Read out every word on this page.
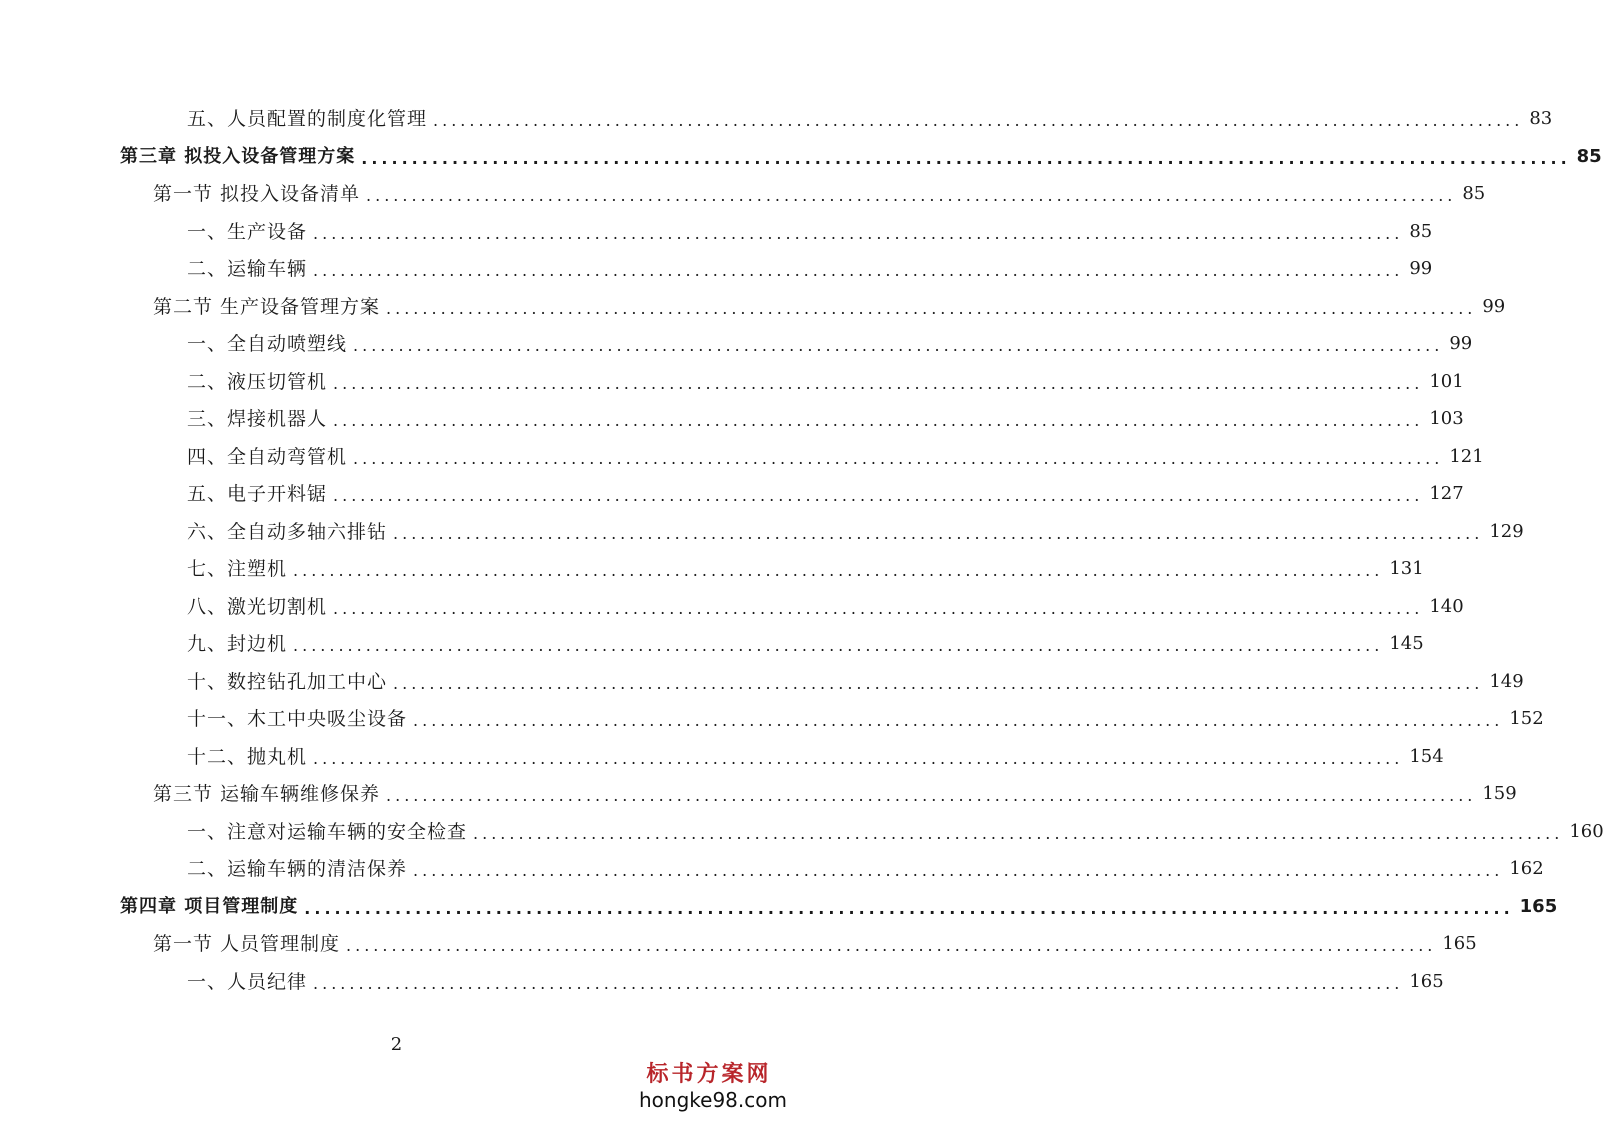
五、人员配置的制度化管理 ........................................................................................................................ 83
第三章 拟投入设备管理方案 ........................................................................................................................ 85
第一节 拟投入设备清单 ........................................................................................................................ 85
一、生产设备 ........................................................................................................................ 85
二、运输车辆 ........................................................................................................................ 99
第二节 生产设备管理方案 ........................................................................................................................ 99
一、全自动喷塑线 ........................................................................................................................ 99
二、液压切管机 ........................................................................................................................ 101
三、焊接机器人 ........................................................................................................................ 103
四、全自动弯管机 ........................................................................................................................ 121
五、电子开料锯 ........................................................................................................................ 127
六、全自动多轴六排钻 ........................................................................................................................ 129
七、注塑机 ........................................................................................................................ 131
八、激光切割机 ........................................................................................................................ 140
九、封边机 ........................................................................................................................ 145
十、数控钻孔加工中心 ........................................................................................................................ 149
十一、木工中央吸尘设备 ........................................................................................................................ 152
十二、抛丸机 ........................................................................................................................ 154
第三节 运输车辆维修保养 ........................................................................................................................ 159
一、注意对运输车辆的安全检查 ........................................................................................................................ 160
二、运输车辆的清洁保养 ........................................................................................................................ 162
第四章 项目管理制度 ........................................................................................................................ 165
第一节 人员管理制度 ........................................................................................................................ 165
一、人员纪律 ........................................................................................................................ 165
2
标书方案网
hongke98.com
